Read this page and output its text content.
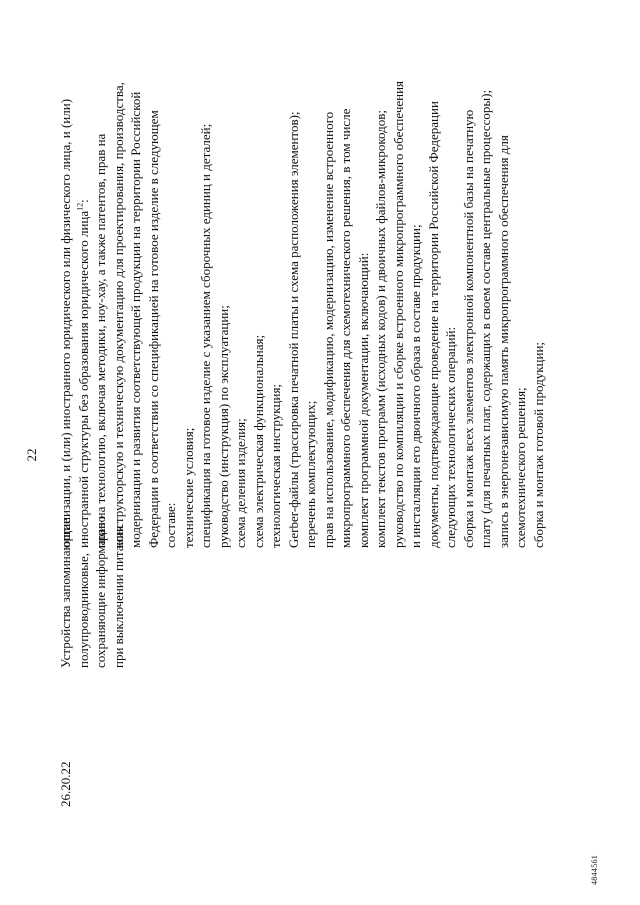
22
26.20.22
Устройства запоминающие полупроводниковые, сохраняющие информацию при выключении питания
организации, и (или) иностранного юридического или физического лица, и (или) иностранной структуры без образования юридического лица$^{12}$: прав на технологию, включая методики, ноу-хау, а также патентов, прав на конструкторскую и техническую документацию для проектирования, производства, модернизации и развития соответствующей продукции на территории Российской Федерации в соответствии со спецификацией на готовое изделие в следующем составе: технические условия; спецификация на готовое изделие с указанием сборочных единиц и деталей; руководство (инструкция) по эксплуатации; схема деления изделия; схема электрическая функциональная; технологическая инструкция; Gerber-файлы (трассировка печатной платы и схема расположения элементов); перечень комплектующих; прав на использование, модификацию, модернизацию, изменение встроенного микропрограммного обеспечения для схемотехнического решения, в том числе комплект программной документации, включающий: комплект текстов программ (исходных кодов) и двоичных файлов-микрокодов; руководство по компиляции и сборке встроенного микропрограммного обеспечения и инсталляции его двоичного образа в составе продукции; документы, подтверждающие проведение на территории Российской Федерации следующих технологических операций: сборка и монтаж всех элементов электронной компонентной базы на печатную плату (для печатных плат, содержащих в своем составе центральные процессоры); запись в энергонезависимую память микропрограммного обеспечения для схемотехнического решения; сборка и монтаж готовой продукции;
4844561
